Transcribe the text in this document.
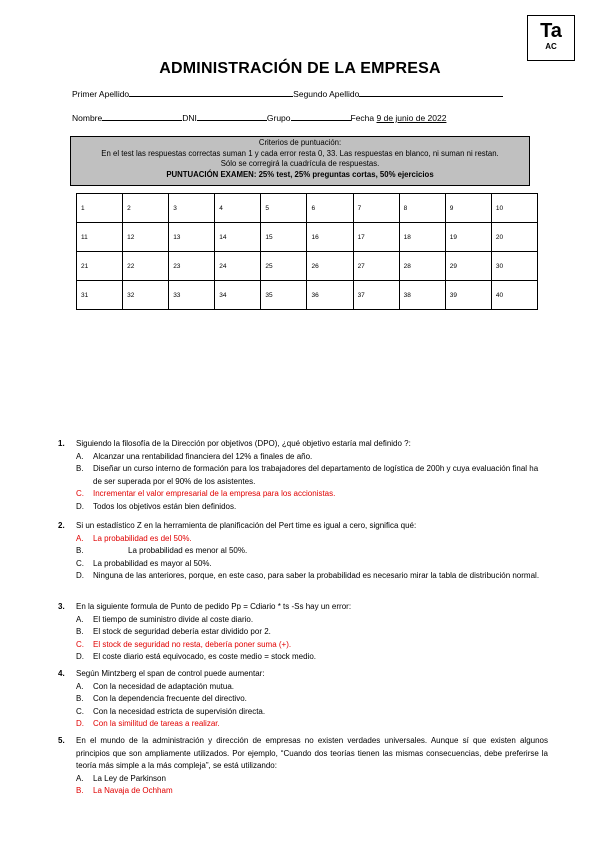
Ta
AC
ADMINISTRACIÓN DE LA EMPRESA
Primer Apellido	Segundo Apellido
Nombre	DNI	Grupo	Fecha 9 de junio de 2022
Criterios de puntuación:
En el test las respuestas correctas suman 1 y cada error resta 0, 33. Las respuestas en blanco, ni suman ni restan.
Sólo se corregirá la cuadrícula de respuestas.
PUNTUACIÓN EXAMEN: 25% test, 25% preguntas cortas, 50% ejercicios
1	2	3	4	5	6	7	8	9	10
11	12	13	14	15	16	17	18	19	20
21	22	23	24	25	26	27	28	29	30
31	32	33	34	35	36	37	38	39	40
1. Siguiendo la filosofía de la Dirección por objetivos (DPO), ¿qué objetivo estaría mal definido ?:
A. Alcanzar una rentabilidad financiera del 12% a finales de año.
B. Diseñar un curso interno de formación para los trabajadores del departamento de logística de 200h y cuya evaluación final ha de ser superada por el 90% de los asistentes.
C. Incrementar el valor empresarial de la empresa para los accionistas.
D. Todos los objetivos están bien definidos.
2. Si un estadístico Z en la herramienta de planificación del Pert time es igual a cero, significa qué:
A. La probabilidad es del 50%.
B.	La probabilidad es menor al 50%.
C. La probabilidad es mayor al 50%.
D. Ninguna de las anteriores, porque, en este caso, para saber la probabilidad es necesario mirar la tabla de distribución normal.
3. En la siguiente formula de Punto de pedido Pp = Cdiario * ts -Ss hay un error:
A. El tiempo de suministro divide al coste diario.
B. El stock de seguridad debería estar dividido por 2.
C. El stock de seguridad no resta, debería poner suma (+).
D. El coste diario está equivocado, es coste medio = stock medio.
4. Según Mintzberg el span de control puede aumentar:
A. Con la necesidad de adaptación mutua.
B. Con la dependencia frecuente del directivo.
C. Con la necesidad estricta de supervisión directa.
D. Con la similitud de tareas a realizar.
5. En el mundo de la administración y dirección de empresas no existen verdades universales. Aunque sí que existen algunos principios que son ampliamente utilizados. Por ejemplo, “Cuando dos teorías tienen las mismas consecuencias, debe preferirse la teoría más simple a la más compleja”, se está utilizando:
A. La Ley de Parkinson
B. La Navaja de Ochham
